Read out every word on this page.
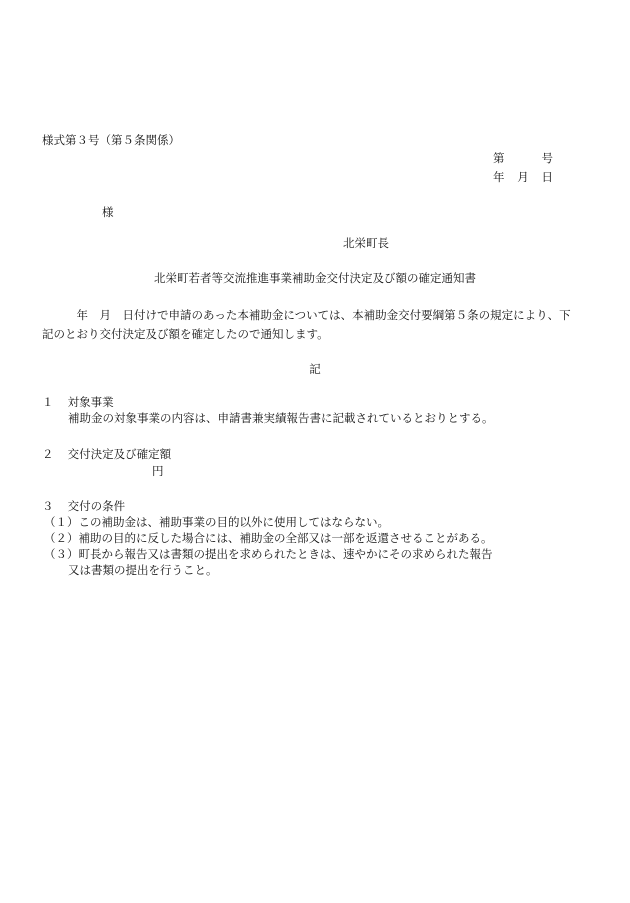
様式第３号（第５条関係）
第	号
年 月 日
様
北栄町長
北栄町若者等交流推進事業補助金交付決定及び額の確定通知書
年　月　日付けで申請のあった本補助金については、本補助金交付要綱第５条の規定により、下記のとおり交付決定及び額を確定したので通知します。
記
１ 対象事業
補助金の対象事業の内容は、申請書兼実績報告書に記載されているとおりとする。
２ 交付決定及び確定額
円
３ 交付の条件
（１）この補助金は、補助事業の目的以外に使用してはならない。
（２）補助の目的に反した場合には、補助金の全部又は一部を返還させることがある。
（３）町長から報告又は書類の提出を求められたときは、速やかにその求められた報告
又は書類の提出を行うこと。
